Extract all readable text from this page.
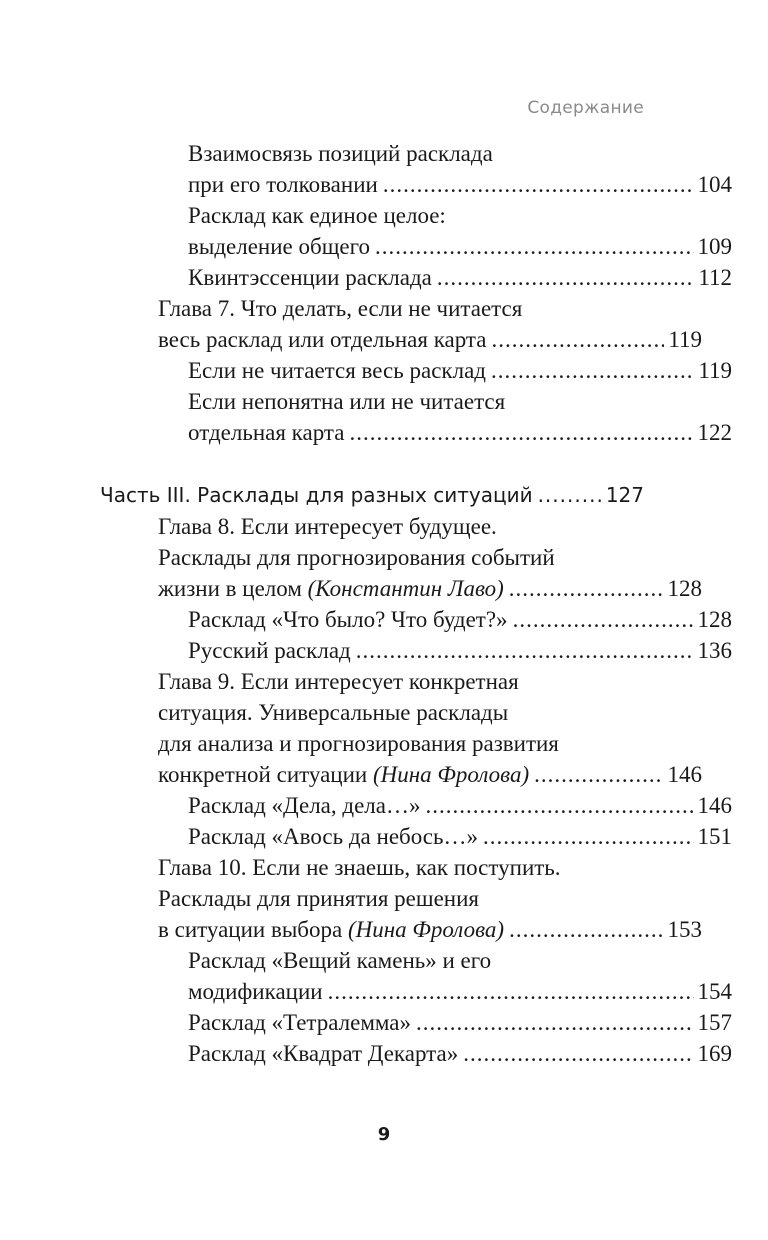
Содержание
Взаимосвязь позиций расклада
при его толковании .....	104
Расклад как единое целое:
выделение общего .....	109
Квинтэссенции расклада .....	112
Глава 7. Что делать, если не читается
весь расклад или отдельная карта .....	119
Если не читается весь расклад .....	119
Если непонятна или не читается
отдельная карта .....	122
Часть III. Расклады для разных ситуаций .....	127
Глава 8. Если интересует будущее.
Расклады для прогнозирования событий
жизни в целом
(Константин Лаво) .....	128
Расклад «Что было? Что будет?» .....	128
Русский расклад .....	136
Глава 9. Если интересует конкретная
ситуация. Универсальные расклады
для анализа и прогнозирования развития
конкретной ситуации
(Нина Фролова) .....	146
Расклад «Дела, дела…» .....	146
Расклад «Авось да небось…» .....	151
Глава 10. Если не знаешь, как поступить.
Расклады для принятия решения
в ситуации выбора
(Нина Фролова) .....	153
Расклад «Вещий камень» и его
модификации .....	154
Расклад «Тетралемма» .....	157
Расклад «Квадрат Декарта» .....	169
9
